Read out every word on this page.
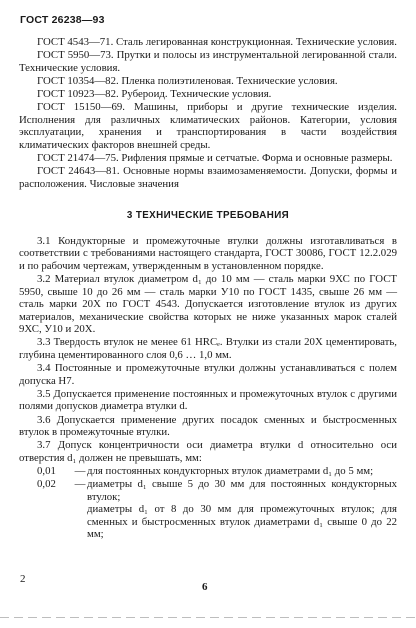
ГОСТ 26238—93

ГОСТ 4543—71. Сталь легированная конструкционная. Технические условия.

ГОСТ 5950—73. Прутки и полосы из инструментальной легированной стали. Технические условия.

ГОСТ 10354—82. Пленка полиэтиленовая. Технические условия.

ГОСТ 10923—82. Рубероид. Технические условия.

ГОСТ 15150—69. Машины, приборы и другие технические изделия. Исполнения для различных климатических районов. Категории, условия эксплуатации, хранения и транспортирования в части воздействия климатических факторов внешней среды.

ГОСТ 21474—75. Рифления прямые и сетчатые. Форма и основные размеры.

ГОСТ 24643—81. Основные нормы взаимозаменяемости. Допуски, формы и расположения. Числовые значения

3 ТЕХНИЧЕСКИЕ ТРЕБОВАНИЯ

3.1 Кондукторные и промежуточные втулки должны изготавливаться в соответствии с требованиями настоящего стандарта, ГОСТ 30086, ГОСТ 12.2.029 и по рабочим чертежам, утвержденным в установленном порядке.

3.2 Материал втулок диаметром d₁ до 10 мм — сталь марки 9ХС по ГОСТ 5950, свыше 10 до 26 мм — сталь марки У10 по ГОСТ 1435, свыше 26 мм — сталь марки 20Х по ГОСТ 4543. Допускается изготовление втулок из других материалов, механические свойства которых не ниже указанных марок сталей 9ХС, У10 и 20Х.

3.3 Твердость втулок не менее 61 HRCₑ. Втулки из стали 20Х цементировать, глубина цементированного слоя 0,6 … 1,0 мм.

3.4 Постоянные и промежуточные втулки должны устанавливаться с полем допуска H7.

3.5 Допускается применение постоянных и промежуточных втулок с другими полями допусков диаметра втулки d.

3.6 Допускается применение других посадок сменных и быстросменных втулок в промежуточные втулки.

3.7 Допуск концентричности оси диаметра втулки d относительно оси отверстия d₁ должен не превышать, мм:

0,01	— для постоянных кондукторных втулок диаметрами d₁ до 5 мм;
0,02	— диаметры d₁ свыше 5 до 30 мм для постоянных кондукторных втулок;

диаметры d₁ от 8 до 30 мм для промежуточных втулок; для сменных и быстросменных втулок диаметрами d₁ свыше 0 до 22 мм;

2
6
